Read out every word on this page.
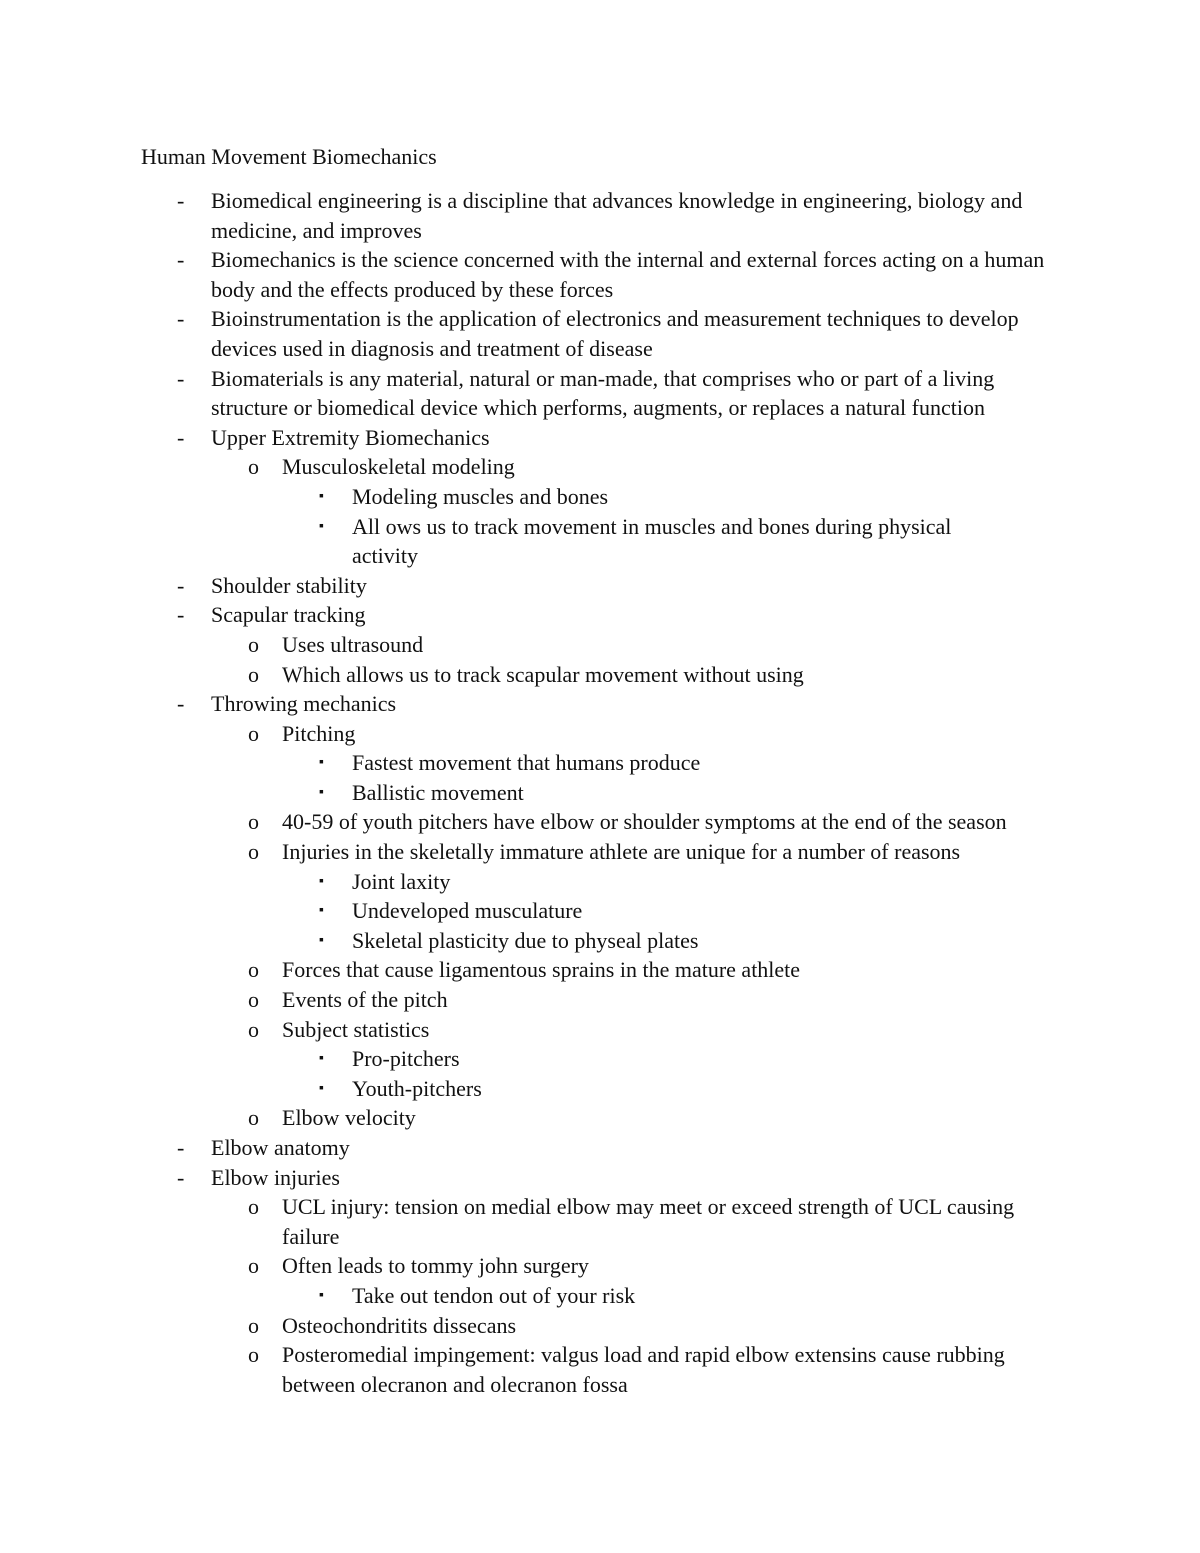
Human Movement Biomechanics
- Biomedical engineering is a discipline that advances knowledge in engineering, biology and medicine, and improves
- Biomechanics is the science concerned with the internal and external forces acting on a human body and the effects produced by these forces
- Bioinstrumentation is the application of electronics and measurement techniques to develop devices used in diagnosis and treatment of disease
- Biomaterials is any material, natural or man-made, that comprises who or part of a living structure or biomedical device which performs, augments, or replaces a natural function
- Upper Extremity Biomechanics
o Musculoskeletal modeling
▪ Modeling muscles and bones
▪ All ows us to track movement in muscles and bones during physical activity
- Shoulder stability
- Scapular tracking
o Uses ultrasound
o Which allows us to track scapular movement without using
- Throwing mechanics
o Pitching
▪ Fastest movement that humans produce
▪ Ballistic movement
o 40-59 of youth pitchers have elbow or shoulder symptoms at the end of the season
o Injuries in the skeletally immature athlete are unique for a number of reasons
▪ Joint laxity
▪ Undeveloped musculature
▪ Skeletal plasticity due to physeal plates
o Forces that cause ligamentous sprains in the mature athlete
o Events of the pitch
o Subject statistics
▪ Pro-pitchers
▪ Youth-pitchers
o Elbow velocity
- Elbow anatomy
- Elbow injuries
o UCL injury: tension on medial elbow may meet or exceed strength of UCL causing failure
o Often leads to tommy john surgery
▪ Take out tendon out of your risk
o Osteochondritits dissecans
o Posteromedial impingement: valgus load and rapid elbow extensins cause rubbing between olecranon and olecranon fossa
